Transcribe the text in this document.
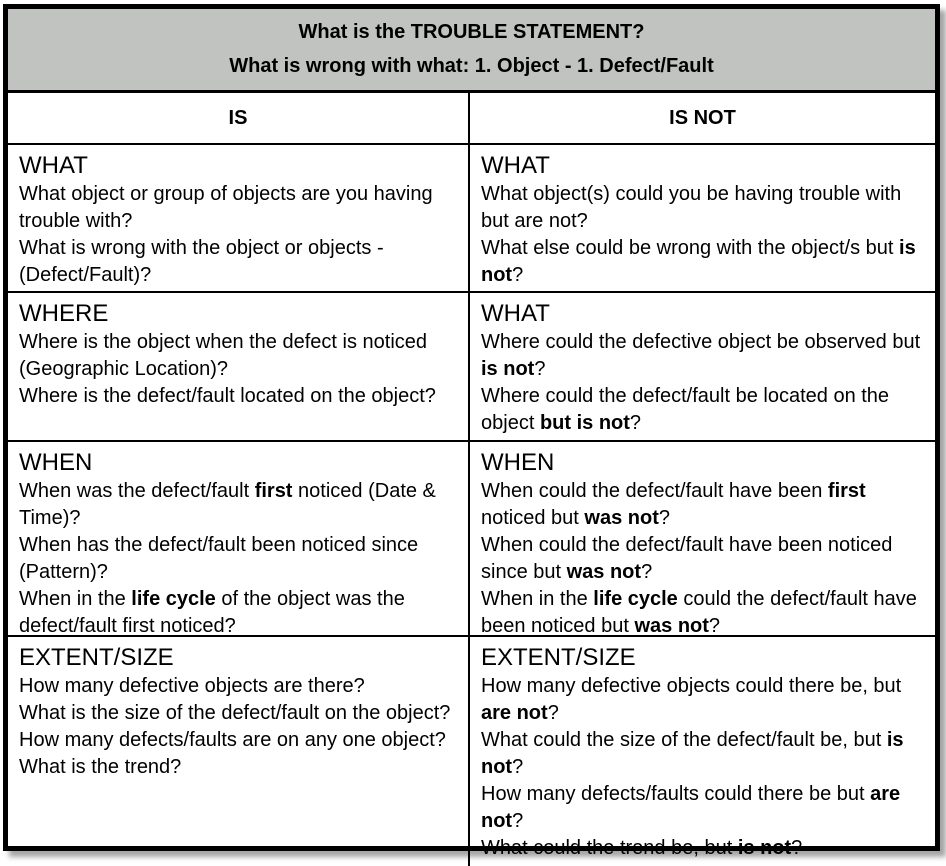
What is the TROUBLE STATEMENT?
What is wrong with what: 1. Object - 1. Defect/Fault
IS	IS NOT
WHAT

What object or group of objects are you having trouble with?

What is wrong with the object or objects - (Defect/Fault)?

WHAT

What object(s) could you be having trouble with but are not?

What else could be wrong with the object/s but is not?

WHERE

Where is the object when the defect is noticed (Geographic Location)?

Where is the defect/fault located on the object?

WHAT

Where could the defective object be observed but is not?

Where could the defect/fault be located on the object but is not?

WHEN

When was the defect/fault first noticed (Date & Time)?

When has the defect/fault been noticed since (Pattern)?

When in the life cycle of the object was the defect/fault first noticed?

WHEN

When could the defect/fault have been first noticed but was not?

When could the defect/fault have been noticed since but was not?

When in the life cycle could the defect/fault have been noticed but was not?

EXTENT/SIZE

How many defective objects are there?

What is the size of the defect/fault on the object?

How many defects/faults are on any one object?

What is the trend?

EXTENT/SIZE

How many defective objects could there be, but are not?

What could the size of the defect/fault be, but is not?

How many defects/faults could there be but are not?

What could the trend be, but is not?
